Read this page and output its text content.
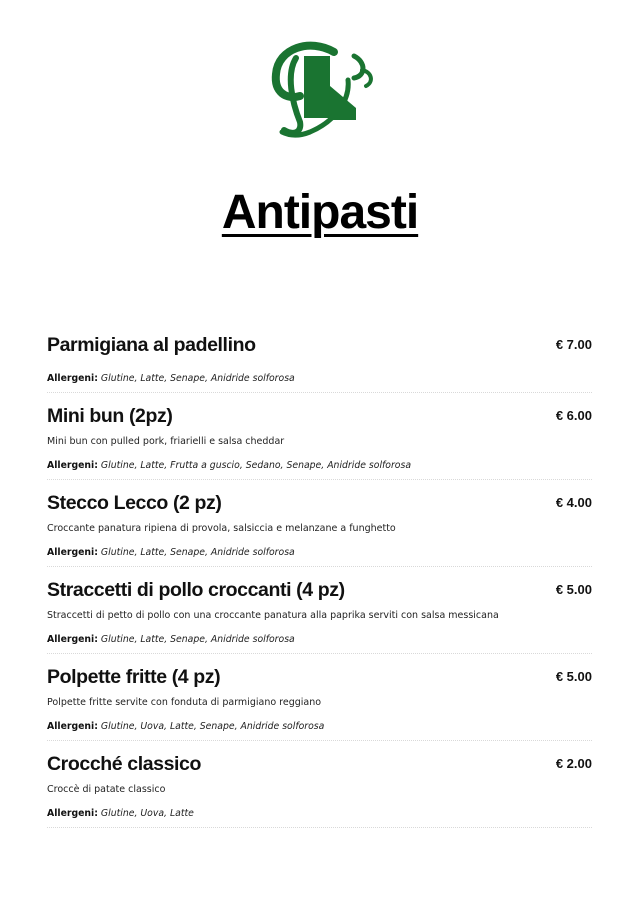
Antipasti
Parmigiana al padellino	€ 7.00
Allergeni: Glutine, Latte, Senape, Anidride solforosa
Mini bun (2pz)	€ 6.00
Mini bun con pulled pork, friarielli e salsa cheddar
Allergeni: Glutine, Latte, Frutta a guscio, Sedano, Senape, Anidride solforosa
Stecco Lecco (2 pz)	€ 4.00
Croccante panatura ripiena di provola, salsiccia e melanzane a funghetto
Allergeni: Glutine, Latte, Senape, Anidride solforosa
Straccetti di pollo croccanti (4 pz)	€ 5.00
Straccetti di petto di pollo con una croccante panatura alla paprika serviti con salsa messicana
Allergeni: Glutine, Latte, Senape, Anidride solforosa
Polpette fritte (4 pz)	€ 5.00
Polpette fritte servite con fonduta di parmigiano reggiano
Allergeni: Glutine, Uova, Latte, Senape, Anidride solforosa
Crocché classico	€ 2.00
Croccè di patate classico
Allergeni: Glutine, Uova, Latte
